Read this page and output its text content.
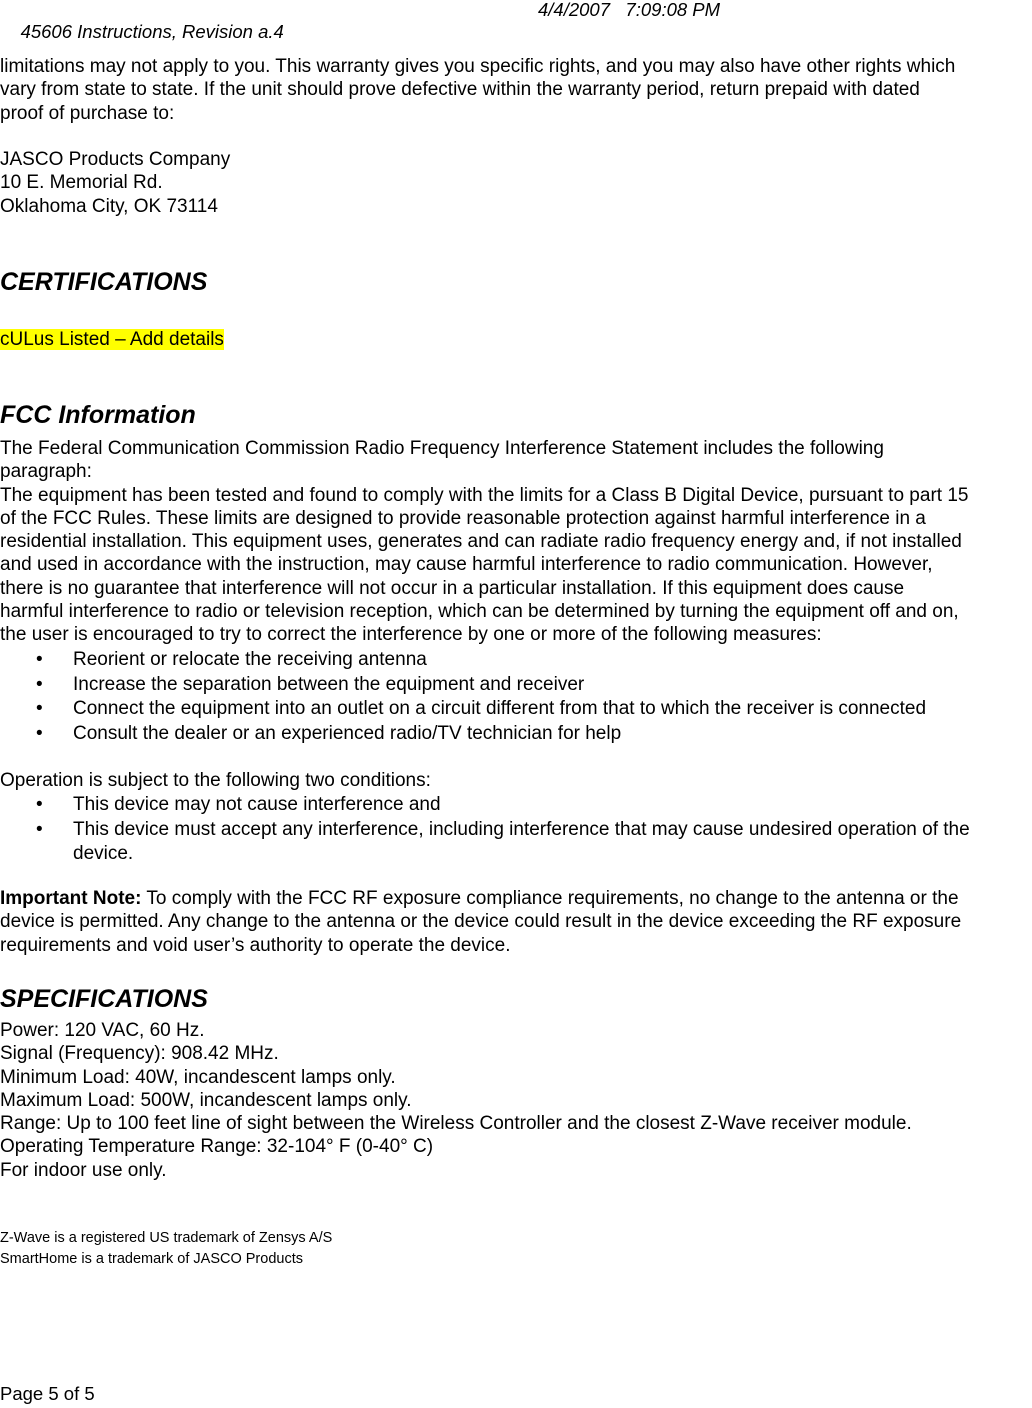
45606 Instructions, Revision a.4

4/4/2007   7:09:08 PM

limitations may not apply to you. This warranty gives you specific rights, and you may also have other rights which

vary from state to state. If the unit should prove defective within the warranty period, return prepaid with dated

proof of purchase to:

JASCO Products Company

10 E. Memorial Rd.

Oklahoma City, OK 73114

CERTIFICATIONS
cULus Listed – Add details
FCC Information

The Federal Communication Commission Radio Frequency Interference Statement includes the following

paragraph:

The equipment has been tested and found to comply with the limits for a Class B Digital Device, pursuant to part 15

of the FCC Rules. These limits are designed to provide reasonable protection against harmful interference in a

residential installation. This equipment uses, generates and can radiate radio frequency energy and, if not installed

and used in accordance with the instruction, may cause harmful interference to radio communication. However,

there is no guarantee that interference will not occur in a particular installation. If this equipment does cause

harmful interference to radio or television reception, which can be determined by turning the equipment off and on,

the user is encouraged to try to correct the interference by one or more of the following measures:

• Reorient or relocate the receiving antenna
• Increase the separation between the equipment and receiver
• Connect the equipment into an outlet on a circuit different from that to which the receiver is connected
• Consult the dealer or an experienced radio/TV technician for help

Operation is subject to the following two conditions:

• This device may not cause interference and
• This device must accept any interference, including interference that may cause undesired operation of the
device.

Important Note: To comply with the FCC RF exposure compliance requirements, no change to the antenna or the

device is permitted. Any change to the antenna or the device could result in the device exceeding the RF exposure

requirements and void user’s authority to operate the device.

SPECIFICATIONS

Power: 120 VAC, 60 Hz.

Signal (Frequency): 908.42 MHz.

Minimum Load: 40W, incandescent lamps only.

Maximum Load: 500W, incandescent lamps only.

Range: Up to 100 feet line of sight between the Wireless Controller and the closest Z-Wave receiver module.

Operating Temperature Range: 32-104° F (0-40° C)

For indoor use only.

Z-Wave is a registered US trademark of Zensys A/S

SmartHome is a trademark of JASCO Products

Page 5 of 5
